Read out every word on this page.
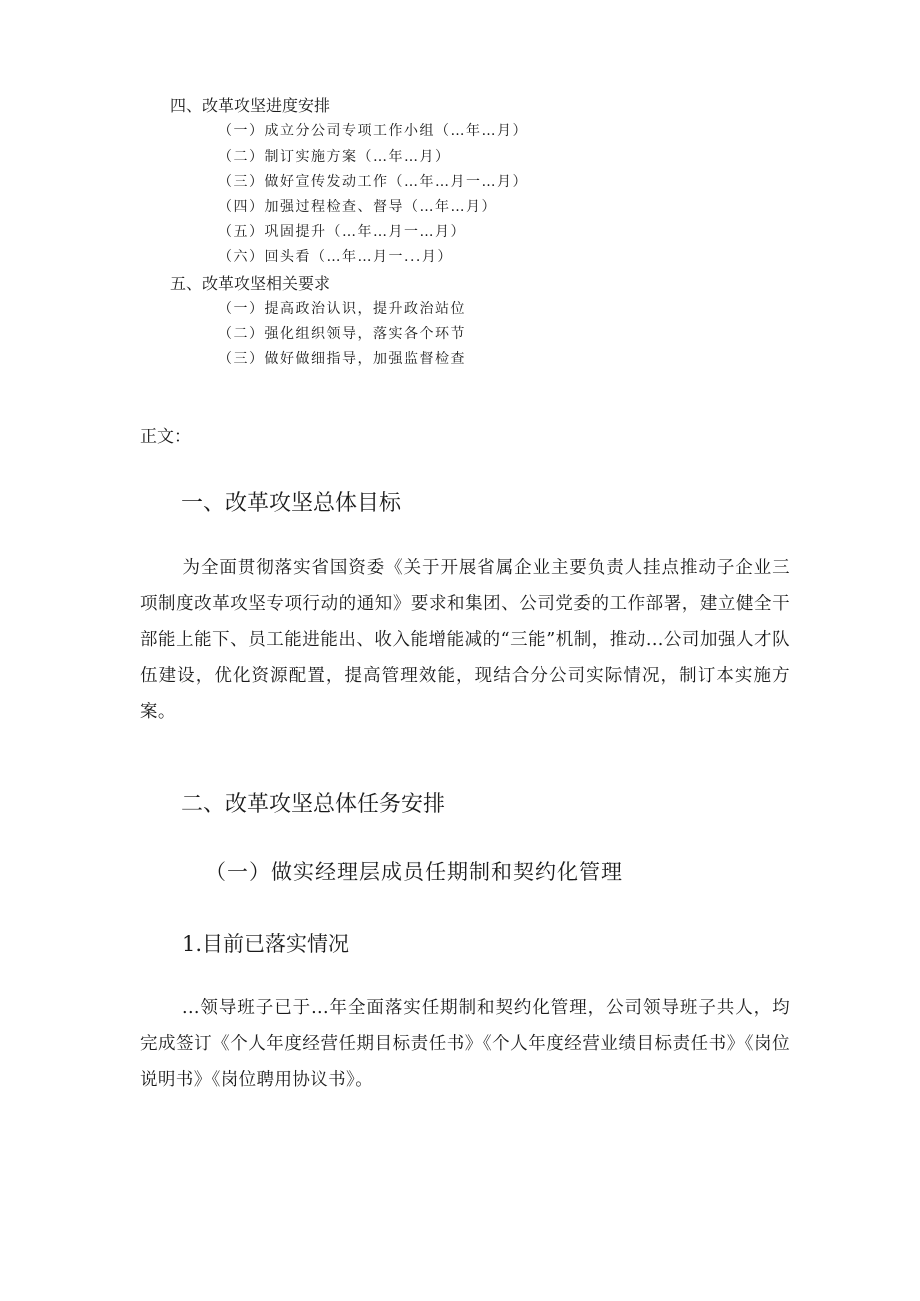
四、改革攻坚进度安排
（一）成立分公司专项工作小组（…年…月）
（二）制订实施方案（…年…月）
（三）做好宣传发动工作（…年…月一…月）
（四）加强过程检查、督导（…年…月）
（五）巩固提升（…年…月一…月）
（六）回头看（…年…月一...月）
五、改革攻坚相关要求
（一）提高政治认识，提升政治站位
（二）强化组织领导，落实各个环节
（三）做好做细指导，加强监督检查
正文：
一、改革攻坚总体目标

为全面贯彻落实省国资委《关于开展省属企业主要负责人挂点推动子企业三项制度改革攻坚专项行动的通知》要求和集团、公司党委的工作部署，建立健全干部能上能下、员工能进能出、收入能增能减的“三能”机制，推动...公司加强人才队伍建设，优化资源配置，提高管理效能，现结合分公司实际情况，制订本实施方案。

二、改革攻坚总体任务安排
（一）做实经理层成员任期制和契约化管理
1.目前已落实情况

...领导班子已于...年全面落实任期制和契约化管理，公司领导班子共人，均完成签订《个人年度经营任期目标责任书》《个人年度经营业绩目标责任书》《岗位说明书》《岗位聘用协议书》。
